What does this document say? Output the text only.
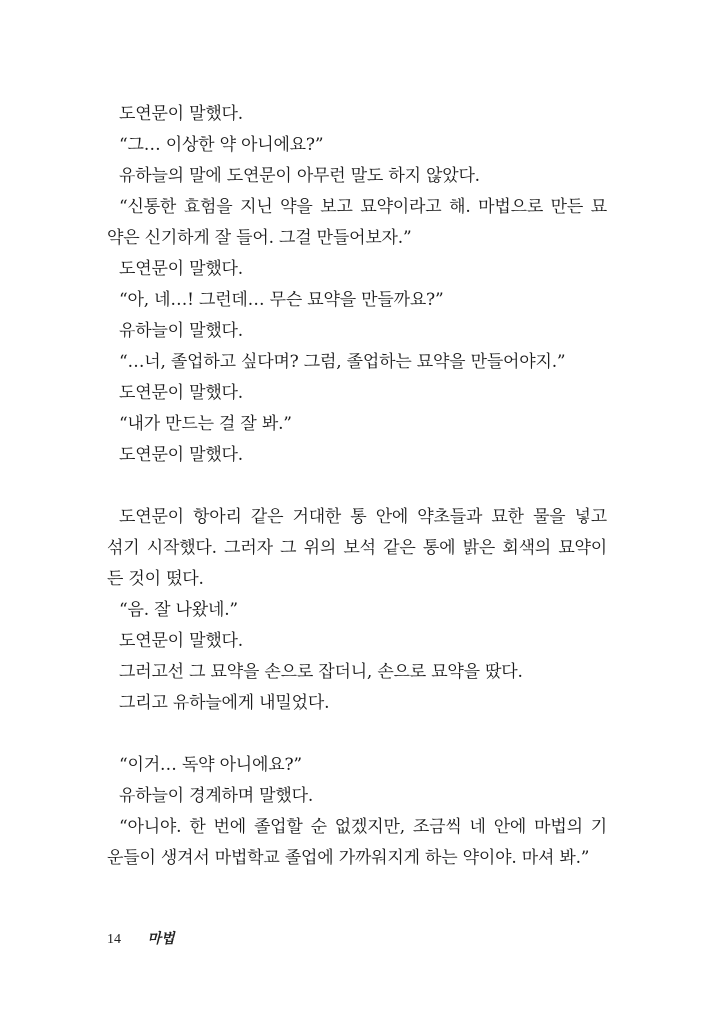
도연문이 말했다.
“그… 이상한 약 아니에요?”
유하늘의 말에 도연문이 아무런 말도 하지 않았다.
“신통한 효험을 지닌 약을 보고 묘약이라고 해. 마법으로 만든 묘
약은 신기하게 잘 들어. 그걸 만들어보자.”
도연문이 말했다.
“아, 네…! 그런데… 무슨 묘약을 만들까요?”
유하늘이 말했다.
“…너, 졸업하고 싶다며? 그럼, 졸업하는 묘약을 만들어야지.”
도연문이 말했다.
“내가 만드는 걸 잘 봐.”
도연문이 말했다.
도연문이 항아리 같은 거대한 통 안에 약초들과 묘한 물을 넣고
섞기 시작했다. 그러자 그 위의 보석 같은 통에 밝은 회색의 묘약이
든 것이 떴다.
“음. 잘 나왔네.”
도연문이 말했다.
그러고선 그 묘약을 손으로 잡더니, 손으로 묘약을 땄다.
그리고 유하늘에게 내밀었다.
“이거… 독약 아니에요?”
유하늘이 경계하며 말했다.
“아니야. 한 번에 졸업할 순 없겠지만, 조금씩 네 안에 마법의 기
운들이 생겨서 마법학교 졸업에 가까워지게 하는 약이야. 마셔 봐.”
14 마법
